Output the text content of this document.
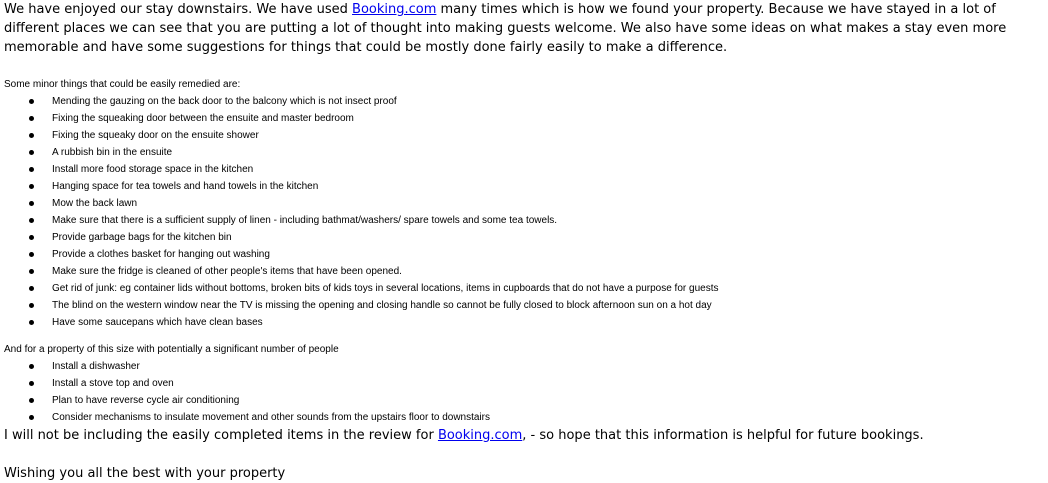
We have enjoyed our stay downstairs. We have used Booking.com many times which is how we found your property. Because we have stayed in a lot of different places we can see that you are putting a lot of thought into making guests welcome. We also have some ideas on what makes a stay even more memorable and have some suggestions for things that could be mostly done fairly easily to make a difference.

Some minor things that could be easily remedied are:

Mending the gauzing on the back door to the balcony which is not insect proof
Fixing the squeaking door between the ensuite and master bedroom
Fixing the squeaky door on the ensuite shower
A rubbish bin in the ensuite
Install more food storage space in the kitchen
Hanging space for tea towels and hand towels in the kitchen
Mow the back lawn
Make sure that there is a sufficient supply of linen - including bathmat/washers/ spare towels and some tea towels.
Provide garbage bags for the kitchen bin
Provide a clothes basket for hanging out washing
Make sure the fridge is cleaned of other people's items that have been opened.
Get rid of junk: eg container lids without bottoms, broken bits of kids toys in several locations, items in cupboards that do not have a purpose for guests
The blind on the western window near the TV is missing the opening and closing handle so cannot be fully closed to block afternoon sun on a hot day
Have some saucepans which have clean bases

And for a property of this size with potentially a significant number of people

Install a dishwasher
Install a stove top and oven
Plan to have reverse cycle air conditioning
Consider mechanisms to insulate movement and other sounds from the upstairs floor to downstairs

I will not be including the easily completed items in the review for Booking.com, - so hope that this information is helpful for future bookings.

Wishing you all the best with your property
